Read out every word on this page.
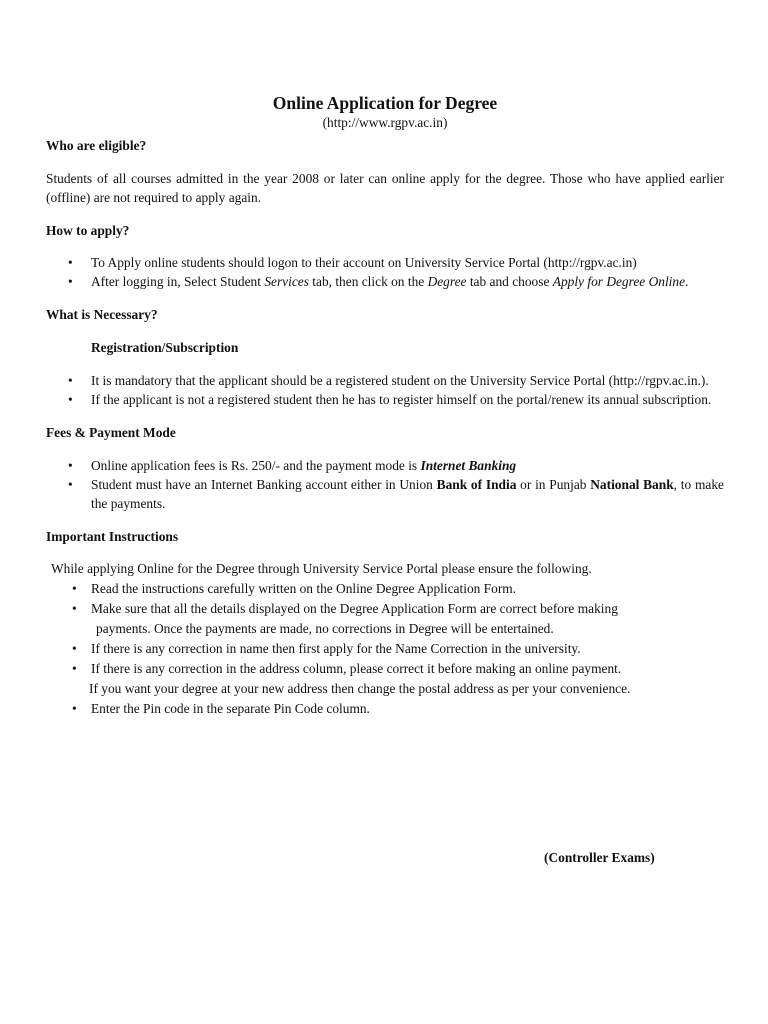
Online Application for Degree

(http://www.rgpv.ac.in)

Who are eligible?

Students of all courses admitted in the year 2008 or later can online apply for the degree. Those who have applied earlier (offline) are not required to apply again.

How to apply?

• To Apply online students should logon to their account on University Service Portal (http://rgpv.ac.in)
• After logging in, Select Student Services tab, then click on the Degree tab and choose Apply for Degree Online.

What is Necessary?

Registration/Subscription

• It is mandatory that the applicant should be a registered student on the University Service Portal (http://rgpv.ac.in.).
• If the applicant is not a registered student then he has to register himself on the portal/renew its annual subscription.

Fees & Payment Mode

• Online application fees is Rs. 250/- and the payment mode is Internet Banking
• Student must have an Internet Banking account either in Union Bank of India or in Punjab National Bank, to make the payments.

Important Instructions

While applying Online for the Degree through University Service Portal please ensure the following.

• Read the instructions carefully written on the Online Degree Application Form.
• Make sure that all the details displayed on the Degree Application Form are correct before making
payments. Once the payments are made, no corrections in Degree will be entertained.
• If there is any correction in name then first apply for the Name Correction in the university.
• If there is any correction in the address column, please correct it before making an online payment.
If you want your degree at your new address then change the postal address as per your convenience.
• Enter the Pin code in the separate Pin Code column.

(Controller Exams)
